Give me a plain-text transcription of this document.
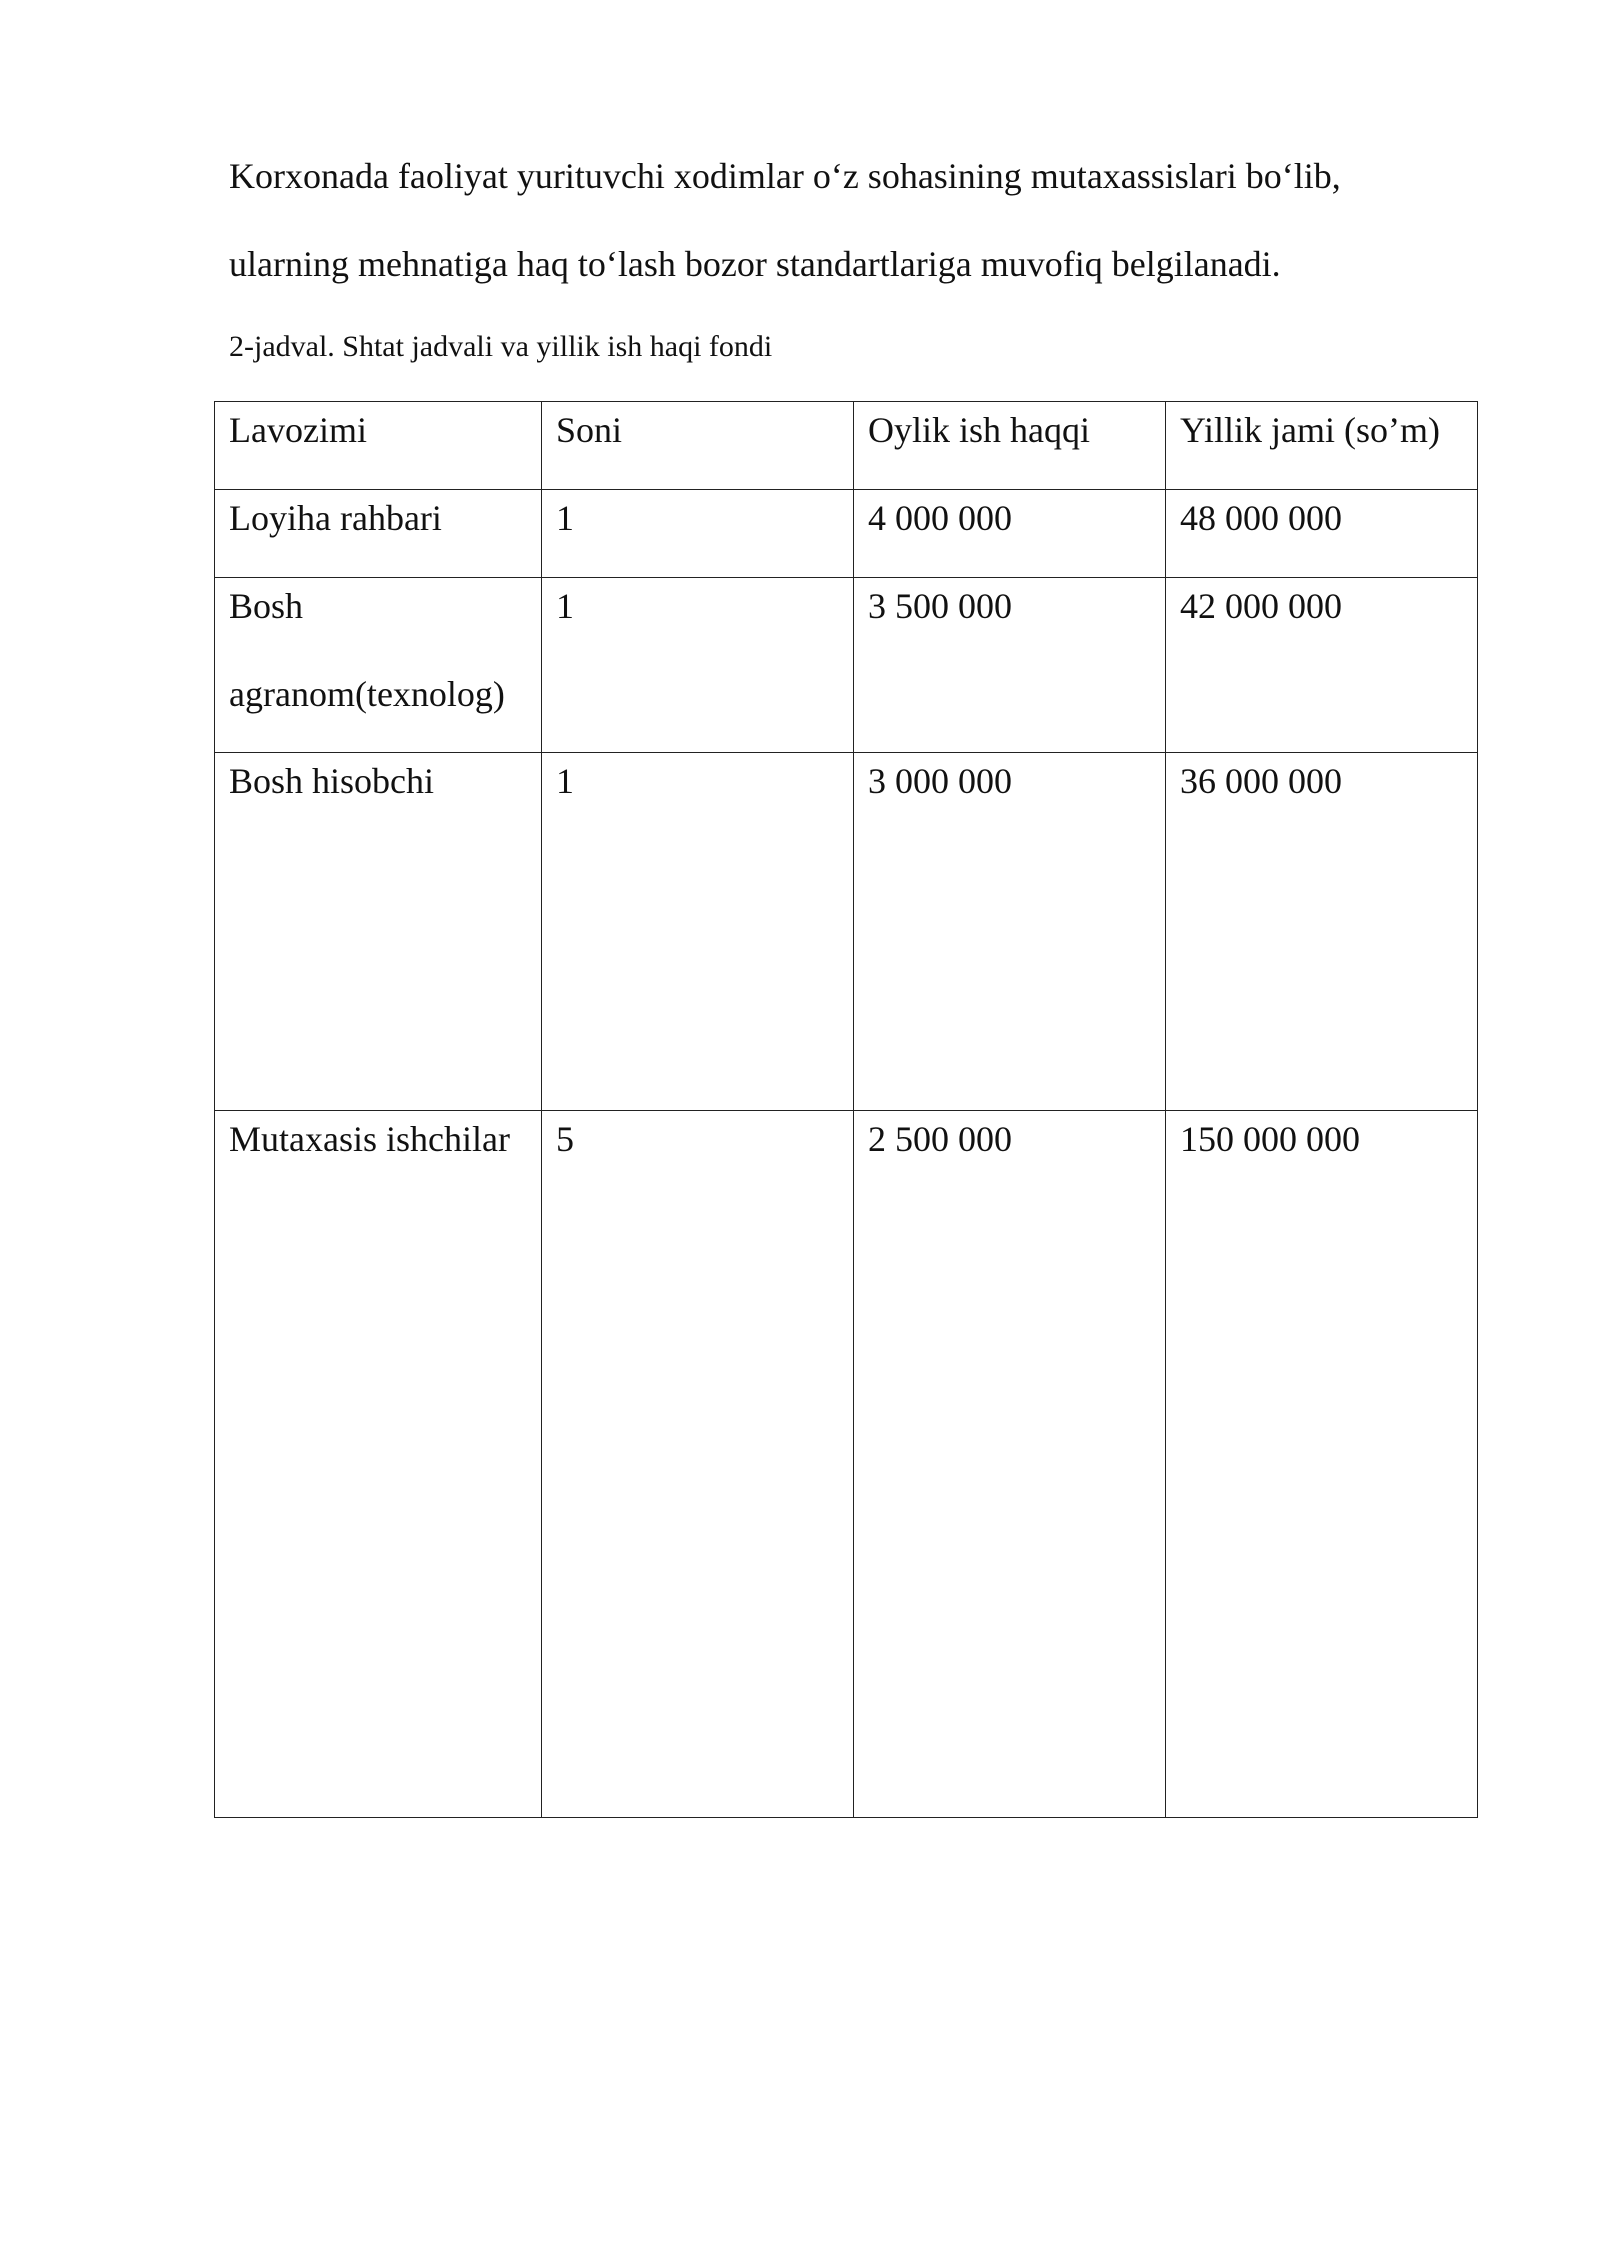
Korxonada faoliyat yurituvchi xodimlar o‘z sohasining mutaxassislari bo‘lib,
ularning mehnatiga haq to‘lash bozor standartlariga muvofiq belgilanadi.
2-jadval. Shtat jadvali va yillik ish haqi fondi
Lavozimi	Soni	Oylik ish haqqi	Yillik jami (so’m)

Loyiha rahbari	1	4 000 000	48 000 000

Bosh agranom(texnolog)	1	3 500 000	42 000 000

Bosh hisobchi	1	3 000 000	36 000 000

Mutaxasis ishchilar	5	2 500 000	150 000 000
